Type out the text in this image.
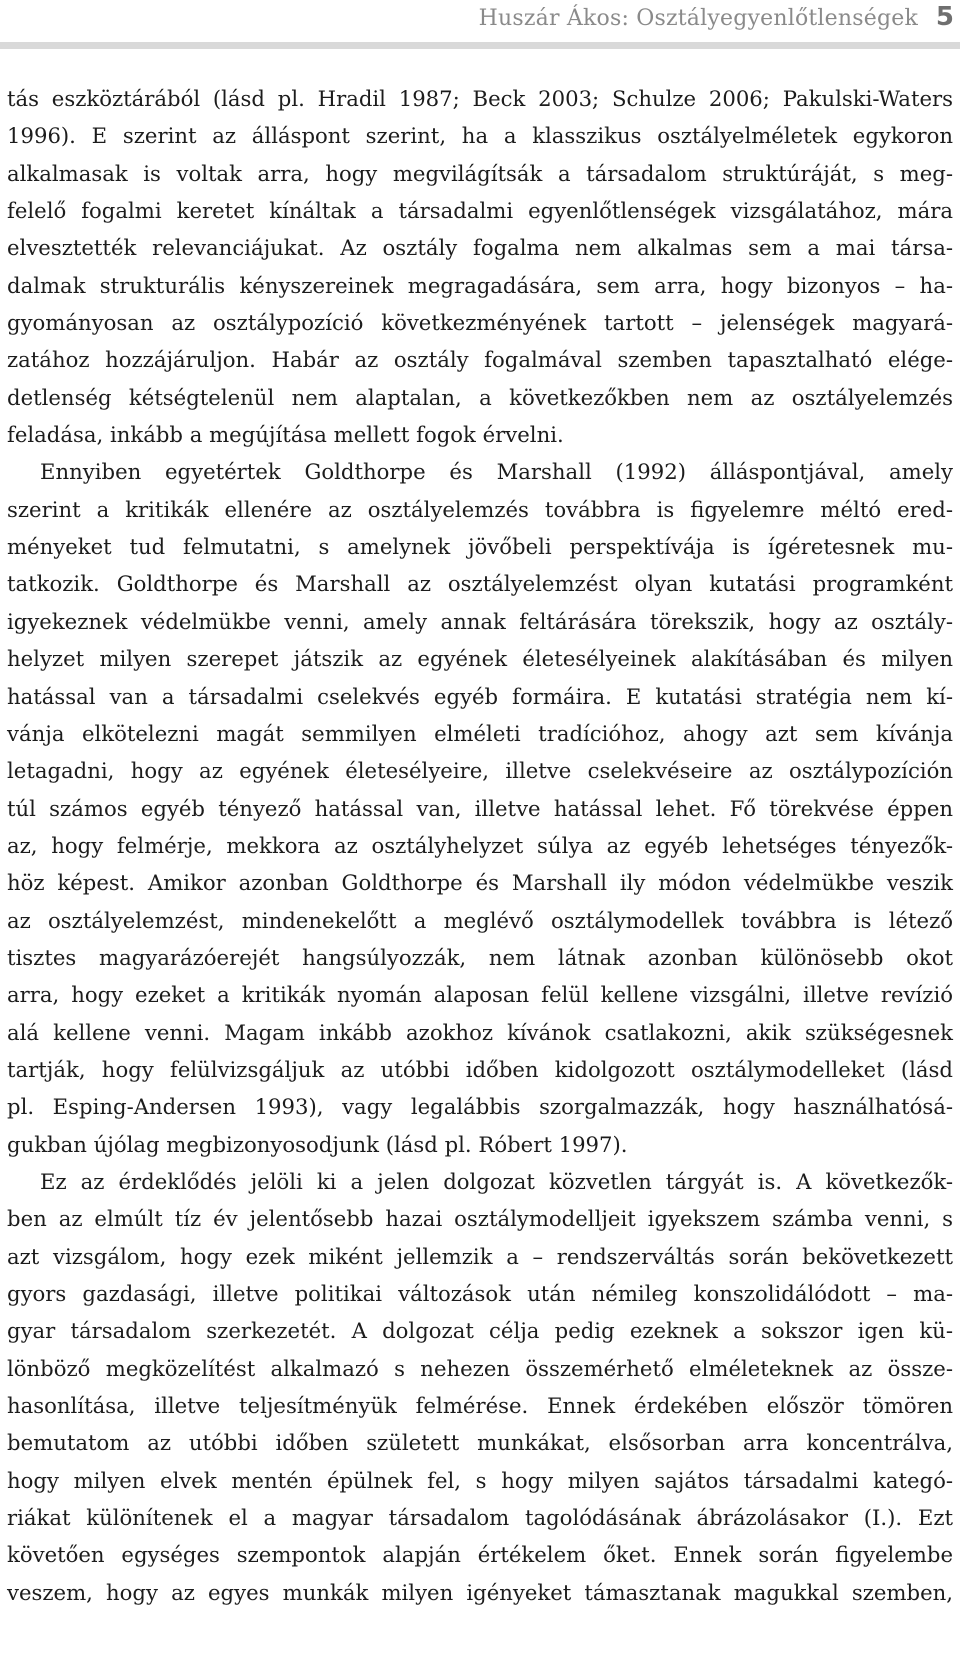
Huszár Ákos: Osztályegyenlőtlenségek 5

tás eszköztárából (lásd pl. Hradil 1987; Beck 2003; Schulze 2006; Pakulski-Waters
1996). E szerint az álláspont szerint, ha a klasszikus osztályelméletek egykoron
alkalmasak is voltak arra, hogy megvilágítsák a társadalom struktúráját, s meg-
felelő fogalmi keretet kínáltak a társadalmi egyenlőtlenségek vizsgálatához, mára
elvesztették relevanciájukat. Az osztály fogalma nem alkalmas sem a mai társa-
dalmak strukturális kényszereinek megragadására, sem arra, hogy bizonyos – ha-
gyományosan az osztálypozíció következményének tartott – jelenségek magyará-
zatához hozzájáruljon. Habár az osztály fogalmával szemben tapasztalható elége-
detlenség kétségtelenül nem alaptalan, a következőkben nem az osztályelemzés
feladása, inkább a megújítása mellett fogok érvelni.

Ennyiben egyetértek Goldthorpe és Marshall (1992) álláspontjával, amely
szerint a kritikák ellenére az osztályelemzés továbbra is figyelemre méltó ered-
ményeket tud felmutatni, s amelynek jövőbeli perspektívája is ígéretesnek mu-
tatkozik. Goldthorpe és Marshall az osztályelemzést olyan kutatási programként
igyekeznek védelmükbe venni, amely annak feltárására törekszik, hogy az osztály-
helyzet milyen szerepet játszik az egyének életesélyeinek alakításában és milyen
hatással van a társadalmi cselekvés egyéb formáira. E kutatási stratégia nem kí-
vánja elkötelezni magát semmilyen elméleti tradícióhoz, ahogy azt sem kívánja
letagadni, hogy az egyének életesélyeire, illetve cselekvéseire az osztálypozíción
túl számos egyéb tényező hatással van, illetve hatással lehet. Fő törekvése éppen
az, hogy felmérje, mekkora az osztályhelyzet súlya az egyéb lehetséges tényezők-
höz képest. Amikor azonban Goldthorpe és Marshall ily módon védelmükbe veszik
az osztályelemzést, mindenekelőtt a meglévő osztálymodellek továbbra is létező
tisztes magyarázóerejét hangsúlyozzák, nem látnak azonban különösebb okot
arra, hogy ezeket a kritikák nyomán alaposan felül kellene vizsgálni, illetve revízió
alá kellene venni. Magam inkább azokhoz kívánok csatlakozni, akik szükségesnek
tartják, hogy felülvizsgáljuk az utóbbi időben kidolgozott osztálymodelleket (lásd
pl. Esping-Andersen 1993), vagy legalábbis szorgalmazzák, hogy használhatósá-
gukban újólag megbizonyosodjunk (lásd pl. Róbert 1997).

Ez az érdeklődés jelöli ki a jelen dolgozat közvetlen tárgyát is. A következők-
ben az elmúlt tíz év jelentősebb hazai osztálymodelljeit igyekszem számba venni, s
azt vizsgálom, hogy ezek miként jellemzik a – rendszerváltás során bekövetkezett
gyors gazdasági, illetve politikai változások után némileg konszolidálódott – ma-
gyar társadalom szerkezetét. A dolgozat célja pedig ezeknek a sokszor igen kü-
lönböző megközelítést alkalmazó s nehezen összemérhető elméleteknek az össze-
hasonlítása, illetve teljesítményük felmérése. Ennek érdekében először tömören
bemutatom az utóbbi időben született munkákat, elsősorban arra koncentrálva,
hogy milyen elvek mentén épülnek fel, s hogy milyen sajátos társadalmi kategó-
riákat különítenek el a magyar társadalom tagolódásának ábrázolásakor (I.). Ezt
követően egységes szempontok alapján értékelem őket. Ennek során figyelembe
veszem, hogy az egyes munkák milyen igényeket támasztanak magukkal szemben,
